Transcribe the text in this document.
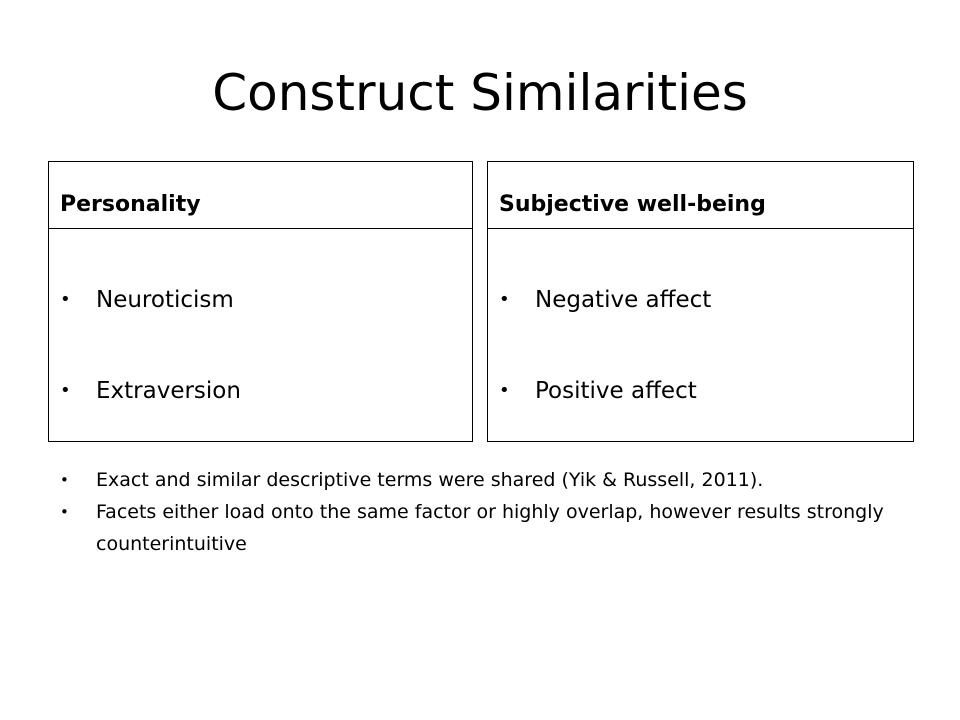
Construct Similarities
Personality
• Neuroticism
• Extraversion
Subjective well-being
• Negative affect
• Positive affect
• Exact and similar descriptive terms were shared (Yik & Russell, 2011).
• Facets either load onto the same factor or highly overlap, however results strongly counterintuitive
